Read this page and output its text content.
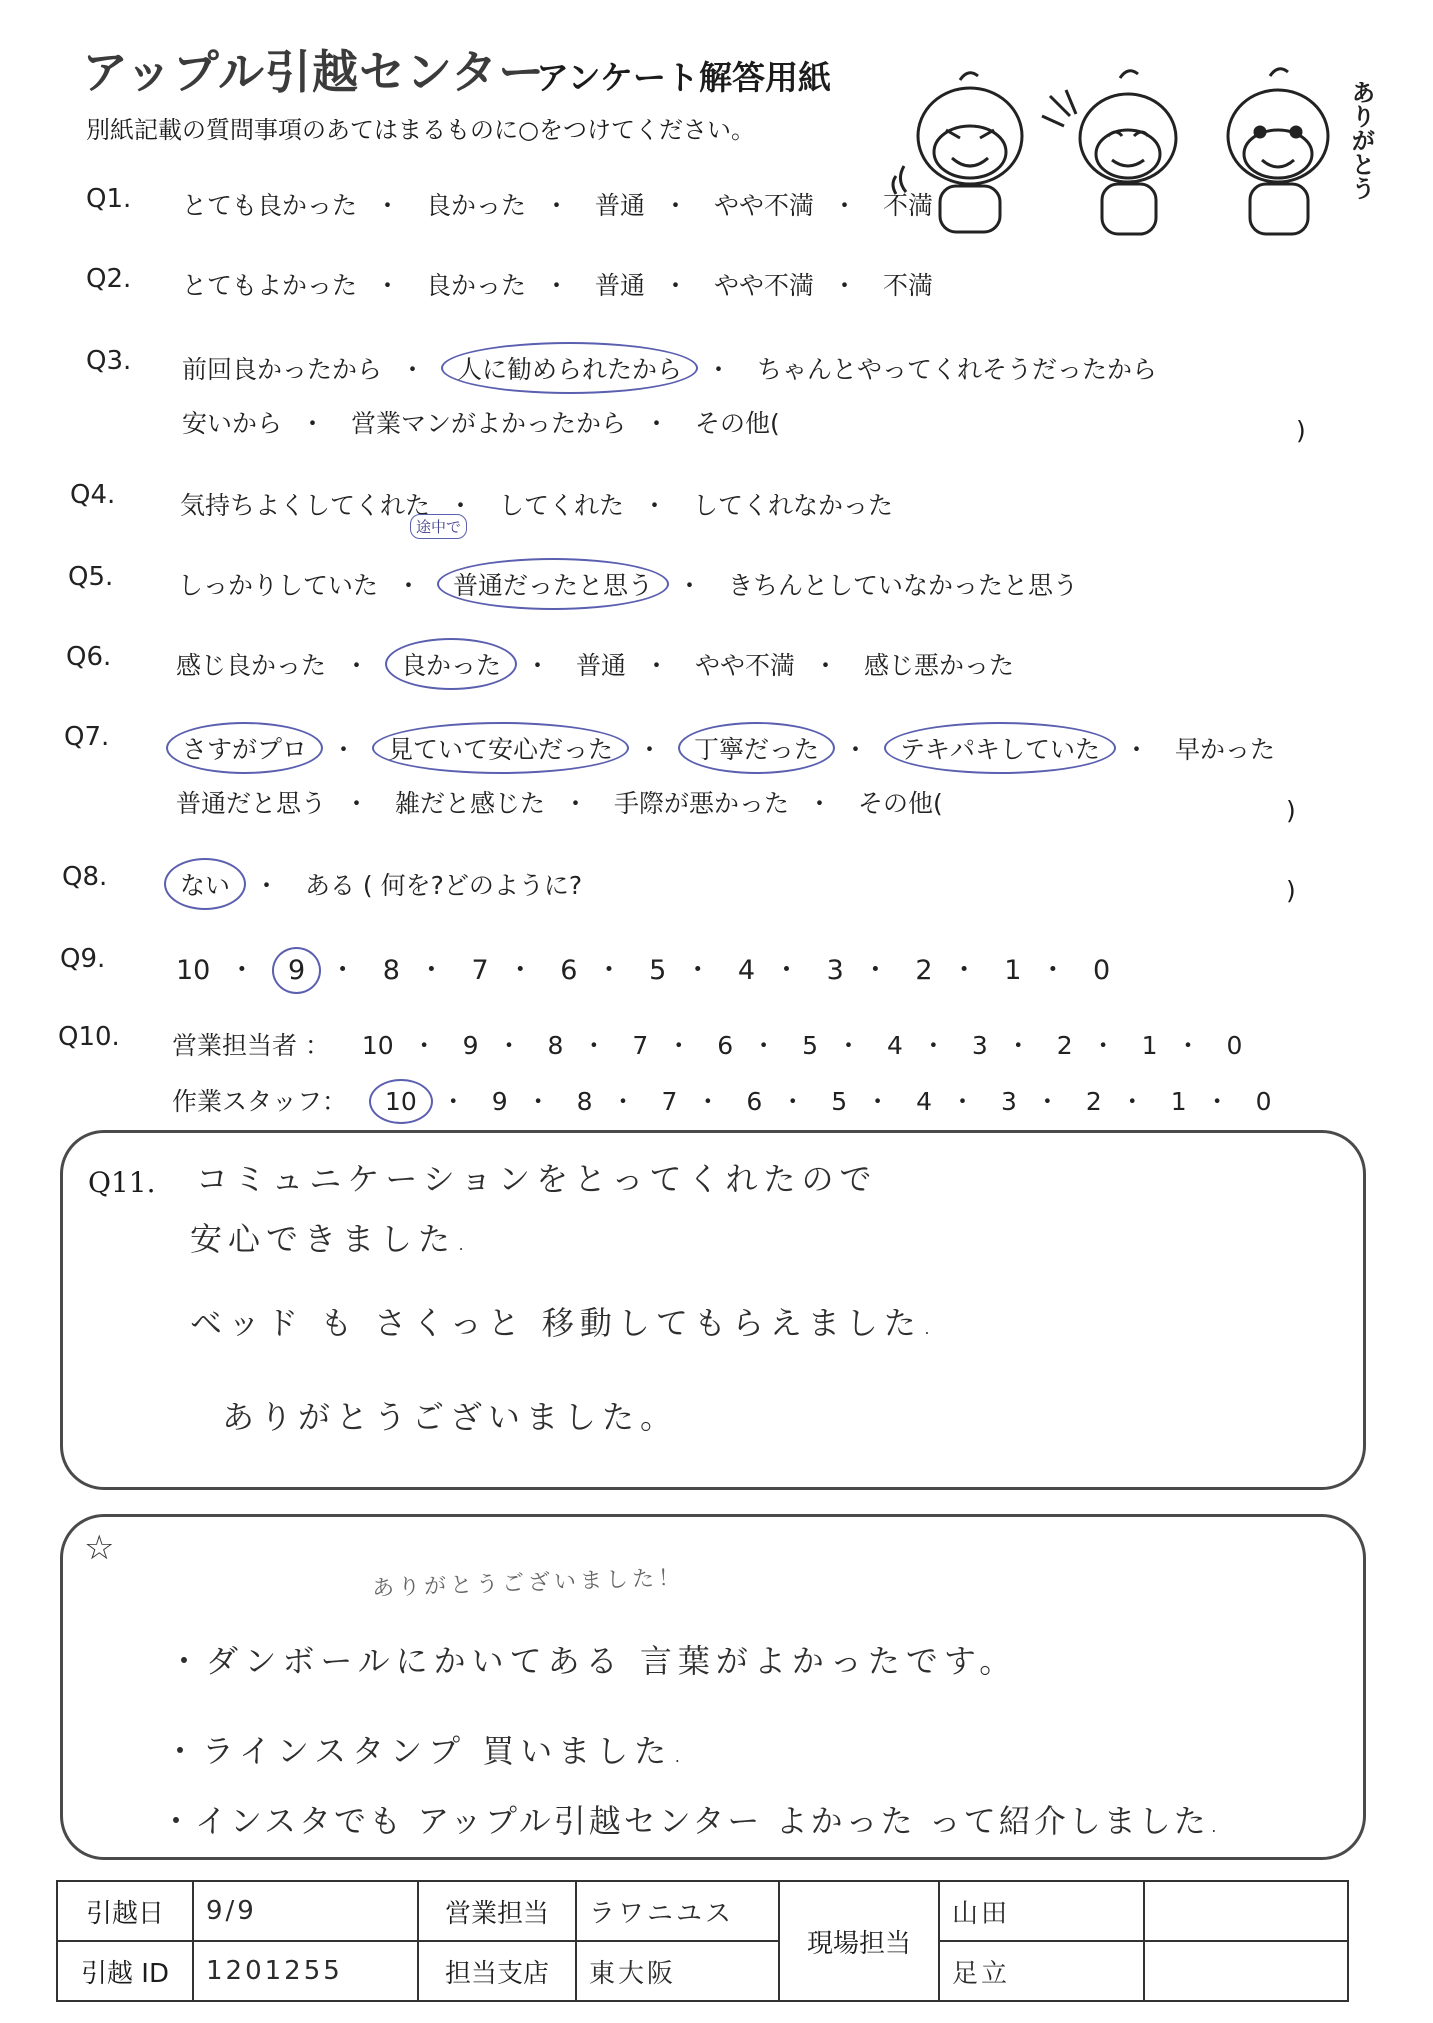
アップル引越センター
アンケート解答用紙
別紙記載の質問事項のあてはまるものに○をつけてください。	ありがとう
Q1. とても良かった ・ 良かった ・ 普通 ・ やや不満 ・ 不満
Q2. とてもよかった ・ 良かった ・ 普通 ・ やや不満 ・ 不満
Q3. 前回良かったから ・ 人に勧められたから ・ ちゃんとやってくれそうだったから
安いから ・ 営業マンがよかったから ・ その他(	)
Q4.	気持ちよくしてくれた ・ してくれた ・ してくれなかった
途中で
Q5.	しっかりしていた ・ 普通だったと思う ・ きちんとしていなかったと思う
Q6.	感じ良かった ・ 良かった ・ 普通 ・ やや不満 ・ 感じ悪かった
Q7.	さすがプロ ・ 見ていて安心だった ・ 丁寧だった ・ テキパキしていた ・ 早かった
普通だと思う ・ 雑だと感じた ・ 手際が悪かった ・ その他(	)
Q8.	ない ・ ある ( 何を?どのように?	)
Q9.	10 ・ 9 ・ 8 ・ 7 ・ 6 ・ 5 ・ 4 ・ 3 ・ 2 ・ 1 ・ 0
Q10. 営業担当者 ： 10 ・ 9 ・ 8 ・ 7 ・ 6 ・ 5 ・ 4 ・ 3 ・ 2 ・ 1 ・ 0
作業スタッフ： 10 ・ 9 ・ 8 ・ 7 ・ 6 ・ 5 ・ 4 ・ 3 ・ 2 ・ 1 ・ 0
Q11. コミュニケーションをとってくれたので
安心できました.
ベッド も さくっと 移動してもらえました.
ありがとうございました。
☆
ありがとうございました！
・ダンボールにかいてある 言葉がよかったです。
・ラインスタンプ 買いました.
・インスタでも アップル引越センター よかった って紹介しました.
引越日	9/9	営業担当	ラワニユス	現場担当	山田	
引越 ID	1201255	担当支店	東大阪		足立	
